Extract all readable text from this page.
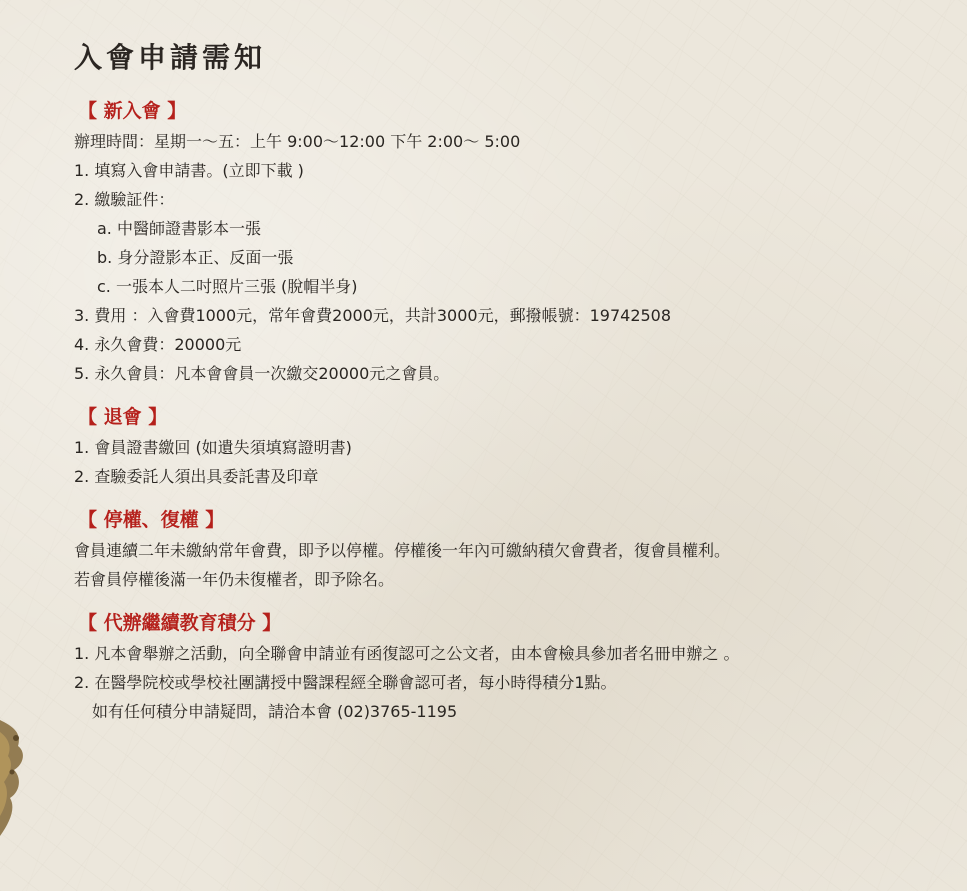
入會申請需知
【 新入會 】
辦理時間：星期一～五：上午 9:00～12:00 下午 2:00～ 5:00
1. 填寫入會申請書。(立即下載 )
2. 繳驗証件：
a. 中醫師證書影本一張
b. 身分證影本正、反面一張
c. 一張本人二吋照片三張 (脫帽半身)
3. 費用 ：入會費1000元，常年會費2000元，共計3000元，郵撥帳號：19742508
4. 永久會費：20000元
5. 永久會員：凡本會會員一次繳交20000元之會員。
【 退會 】
1. 會員證書繳回 (如遺失須填寫證明書)
2. 查驗委託人須出具委託書及印章
【 停權、復權 】
會員連續二年未繳納常年會費，即予以停權。停權後一年內可繳納積欠會費者，復會員權利。
若會員停權後滿一年仍未復權者，即予除名。
【 代辦繼續教育積分 】
1. 凡本會舉辦之活動，向全聯會申請並有函復認可之公文者，由本會檢具參加者名冊申辦之 。
2. 在醫學院校或學校社團講授中醫課程經全聯會認可者，每小時得積分1點。
如有任何積分申請疑問，請洽本會 (02)3765-1195
